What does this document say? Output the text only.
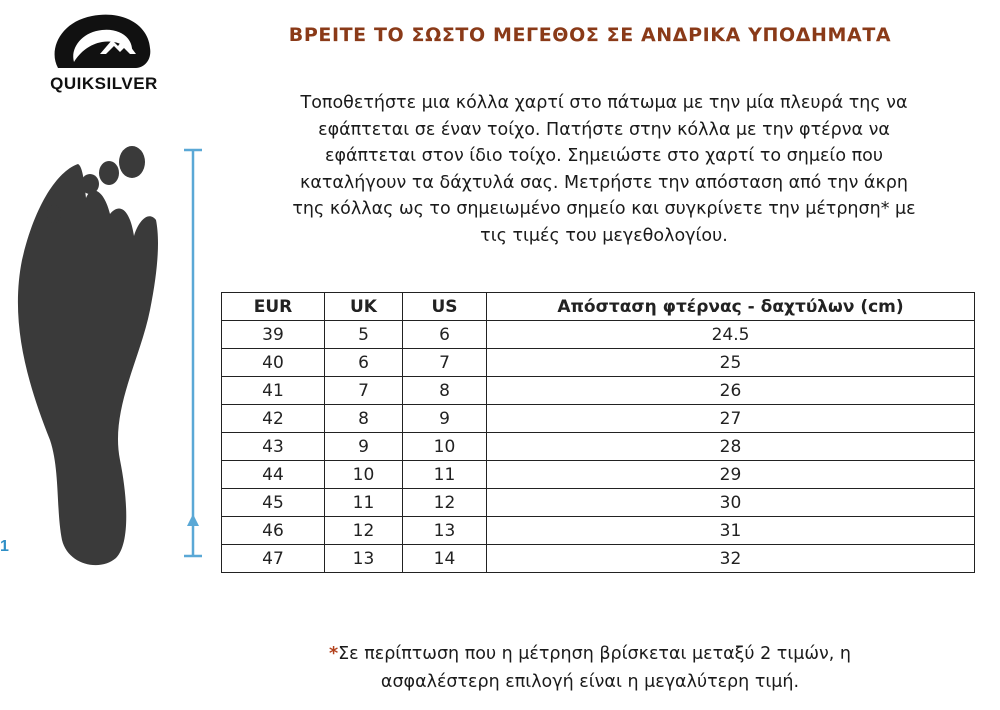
QUIKSILVER
ΒΡΕΙΤΕ ΤΟ ΣΩΣΤΟ ΜΕΓΕΘΟΣ ΣΕ ΑΝΔΡΙΚΑ ΥΠΟΔΗΜΑΤΑ
Τοποθετήστε μια κόλλα χαρτί στο πάτωμα με την μία πλευρά της να
εφάπτεται σε έναν τοίχο. Πατήστε στην κόλλα με την φτέρνα να
εφάπτεται στον ίδιο τοίχο. Σημειώστε στο χαρτί το σημείο που
καταλήγουν τα δάχτυλά σας. Μετρήστε την απόσταση από την άκρη
της κόλλας ως το σημειωμένο σημείο και συγκρίνετε την μέτρηση* με
τις τιμές του μεγεθολογίου.
1
EUR	UK	US	Απόσταση φτέρνας - δαχτύλων (cm)
39	5	6	24.5
40	6	7	25
41	7	8	26
42	8	9	27
43	9	10	28
44	10	11	29
45	11	12	30
46	12	13	31
47	13	14	32
*Σε περίπτωση που η μέτρηση βρίσκεται μεταξύ 2 τιμών, η
ασφαλέστερη επιλογή είναι η μεγαλύτερη τιμή.
